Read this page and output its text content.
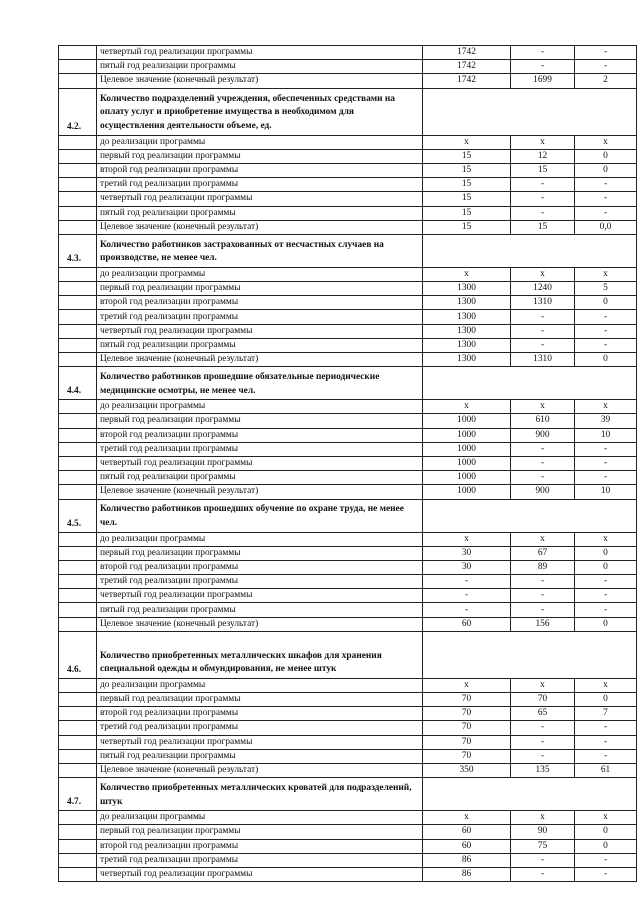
	четвертый год реализации программы	1742	-	-
	пятый год реализации программы	1742	-	-
	Целевое значение (конечный результат)	1742	1699	2
4.2.	Количество подразделений учреждения, обеспеченных средствами на оплату услуг и приобретение имущества в необходимом для осуществления деятельности объеме, ед.			
	до реализации программы	x	x	x
	первый год реализации программы	15	12	0
	второй год реализации программы	15	15	0
	третий год реализации программы	15	-	-
	четвертый год реализации программы	15	-	-
	пятый год реализации программы	15	-	-
	Целевое значение (конечный результат)	15	15	0,0
4.3.	Количество работников застрахованных от несчастных случаев на производстве, не менее чел.			
	до реализации программы	x	x	x
	первый год реализации программы	1300	1240	5
	второй год реализации программы	1300	1310	0
	третий год реализации программы	1300	-	-
	четвертый год реализации программы	1300	-	-
	пятый год реализации программы	1300	-	-
	Целевое значение (конечный результат)	1300	1310	0
4.4.	Количество работников прошедшие обязательные периодические медицинские осмотры, не менее чел.			
	до реализации программы	x	x	x
	первый год реализации программы	1000	610	39
	второй год реализации программы	1000	900	10
	третий год реализации программы	1000	-	-
	четвертый год реализации программы	1000	-	-
	пятый год реализации программы	1000	-	-
	Целевое значение (конечный результат)	1000	900	10
4.5.	Количество работников прошедших обучение по охране труда, не менее чел.			
	до реализации программы	x	x	x
	первый год реализации программы	30	67	0
	второй год реализации программы	30	89	0
	третий год реализации программы	-	-	-
	четвертый год реализации программы	-	-	-
	пятый год реализации программы	-	-	-
	Целевое значение (конечный результат)	60	156	0
4.6.	Количество приобретенных металлических шкафов для хранения специальной одежды и обмундирования, не менее штук			
	до реализации программы	x	x	x
	первый год реализации программы	70	70	0
	второй год реализации программы	70	65	7
	третий год реализации программы	70	-	-
	четвертый год реализации программы	70	-	-
	пятый год реализации программы	70	-	-
	Целевое значение (конечный результат)	350	135	61
4.7.	Количество приобретенных металлических кроватей для подразделений, штук			
	до реализации программы	x	x	x
	первый год реализации программы	60	90	0
	второй год реализации программы	60	75	0
	третий год реализации программы	86	-	-
	четвертый год реализации программы	86	-	-
